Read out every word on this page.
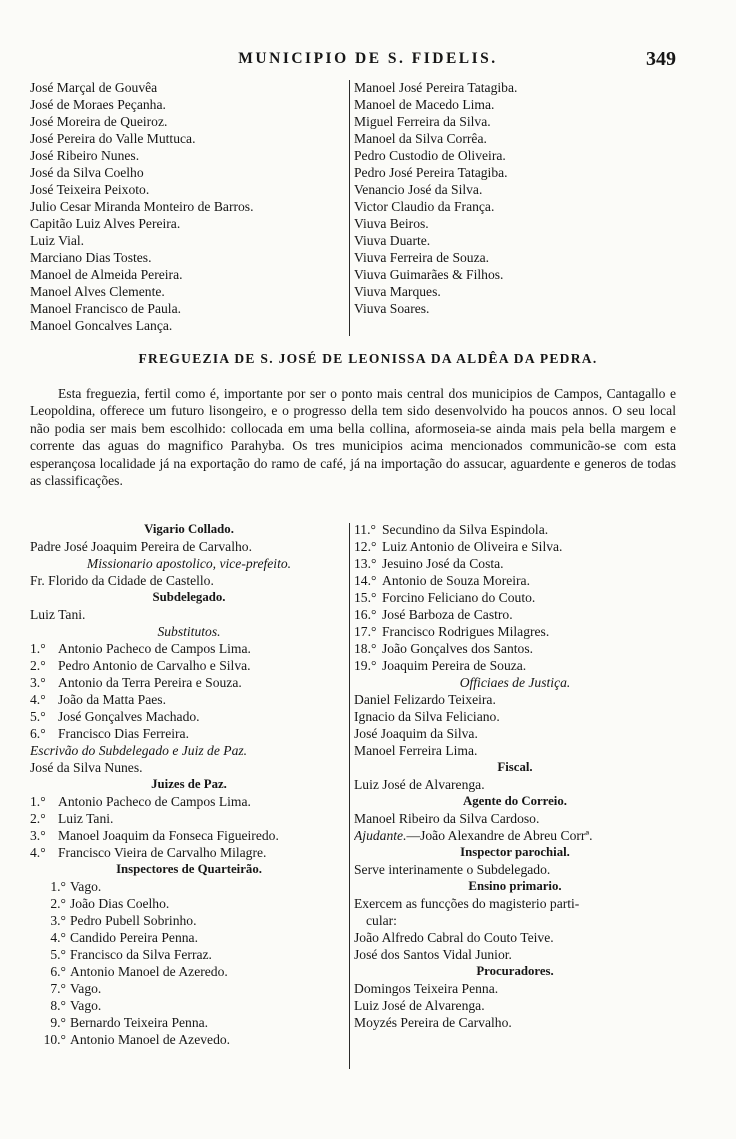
MUNICIPIO DE S. FIDELIS.	349
José Marçal de Gouvêa
José de Moraes Peçanha.
José Moreira de Queiroz.
José Pereira do Valle Muttuca.
José Ribeiro Nunes.
José da Silva Coelho
José Teixeira Peixoto.
Julio Cesar Miranda Monteiro de Barros.
Capitão Luiz Alves Pereira.
Luiz Vial.
Marciano Dias Tostes.
Manoel de Almeida Pereira.
Manoel Alves Clemente.
Manoel Francisco de Paula.
Manoel Goncalves Lança.
Manoel José Pereira Tatagiba.
Manoel de Macedo Lima.
Miguel Ferreira da Silva.
Manoel da Silva Corrêa.
Pedro Custodio de Oliveira.
Pedro José Pereira Tatagiba.
Venancio José da Silva.
Victor Claudio da França.
Viuva Beiros.
Viuva Duarte.
Viuva Ferreira de Souza.
Viuva Guimarães & Filhos.
Viuva Marques.
Viuva Soares.
FREGUEZIA DE S. JOSÉ DE LEONISSA DA ALDÊA DA PEDRA.
Esta freguezia, fertil como é, importante por ser o ponto mais central dos municipios de Campos, Cantagallo e Leopoldina, offerece um futuro lisongeiro, e o progresso della tem sido desenvolvido ha poucos annos. O seu local não podia ser mais bem escolhido: collocada em uma bella collina, aformoseia-se ainda mais pela bella margem e corrente das aguas do magnifico Parahyba. Os tres municipios acima mencionados communicão-se com esta esperançosa localidade já na exportação do ramo de café, já na importação do assucar, aguardente e generos de todas as classificações.
Vigario Collado.
Padre José Joaquim Pereira de Carvalho.
Missionario apostolico, vice-prefeito.
Fr. Florido da Cidade de Castello.
Subdelegado.
Luiz Tani.
Substitutos.
1.° Antonio Pacheco de Campos Lima.
2.° Pedro Antonio de Carvalho e Silva.
3.° Antonio da Terra Pereira e Souza.
4.° João da Matta Paes.
5.° José Gonçalves Machado.
6.° Francisco Dias Ferreira.
Escrivão do Subdelegado e Juiz de Paz.
José da Silva Nunes.
Juizes de Paz.
1.° Antonio Pacheco de Campos Lima.
2.° Luiz Tani.
3.° Manoel Joaquim da Fonseca Figueiredo.
4.° Francisco Vieira de Carvalho Milagre.
Inspectores de Quarteirão.
1.° Vago.
2.° João Dias Coelho.
3.° Pedro Pubell Sobrinho.
4.° Candido Pereira Penna.
5.° Francisco da Silva Ferraz.
6.° Antonio Manoel de Azeredo.
7.° Vago.
8.° Vago.
9.° Bernardo Teixeira Penna.
10.° Antonio Manoel de Azevedo.
11.° Secundino da Silva Espindola.
12.° Luiz Antonio de Oliveira e Silva.
13.° Jesuino José da Costa.
14.° Antonio de Souza Moreira.
15.° Forcino Feliciano do Couto.
16.° José Barboza de Castro.
17.° Francisco Rodrigues Milagres.
18.° João Gonçalves dos Santos.
19.° Joaquim Pereira de Souza.
Officiaes de Justiça.
Daniel Felizardo Teixeira.
Ignacio da Silva Feliciano.
José Joaquim da Silva.
Manoel Ferreira Lima.
Fiscal.
Luiz José de Alvarenga.
Agente do Correio.
Manoel Ribeiro da Silva Cardoso.
Ajudante.—João Alexandre de Abreu Corrª.
Inspector parochial.
Serve interinamente o Subdelegado.
Ensino primario.
Exercem as funcções do magisterio parti-
cular:
João Alfredo Cabral do Couto Teive.
José dos Santos Vidal Junior.
Procuradores.
Domingos Teixeira Penna.
Luiz José de Alvarenga.
Moyzés Pereira de Carvalho.
